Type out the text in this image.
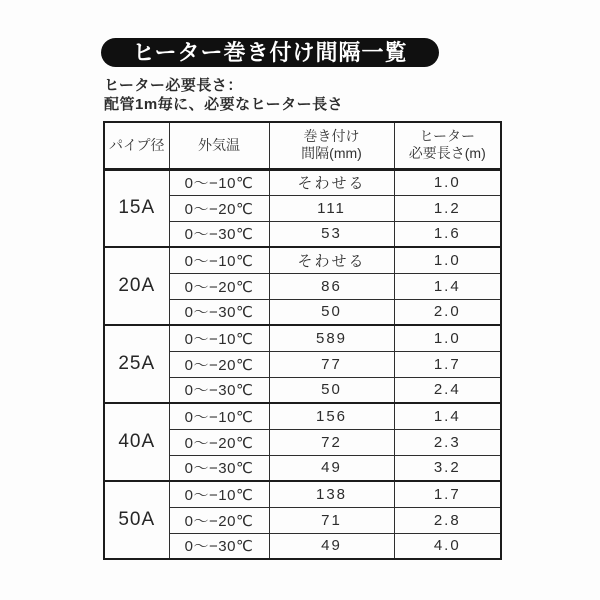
ヒーター巻き付け間隔一覧
ヒーター必要長さ：
配管1m毎に、必要なヒーター長さ
パイプ径	外気温	巻き付け
間隔(mm)	ヒーター
必要長さ(m)
15A	0〜−10℃	そわせる	1.0
	0〜−20℃	111	1.2
	0〜−30℃	53	1.6
20A	0〜−10℃	そわせる	1.0
	0〜−20℃	86	1.4
	0〜−30℃	50	2.0
25A	0〜−10℃	589	1.0
	0〜−20℃	77	1.7
	0〜−30℃	50	2.4
40A	0〜−10℃	156	1.4
	0〜−20℃	72	2.3
	0〜−30℃	49	3.2
50A	0〜−10℃	138	1.7
	0〜−20℃	71	2.8
	0〜−30℃	49	4.0
